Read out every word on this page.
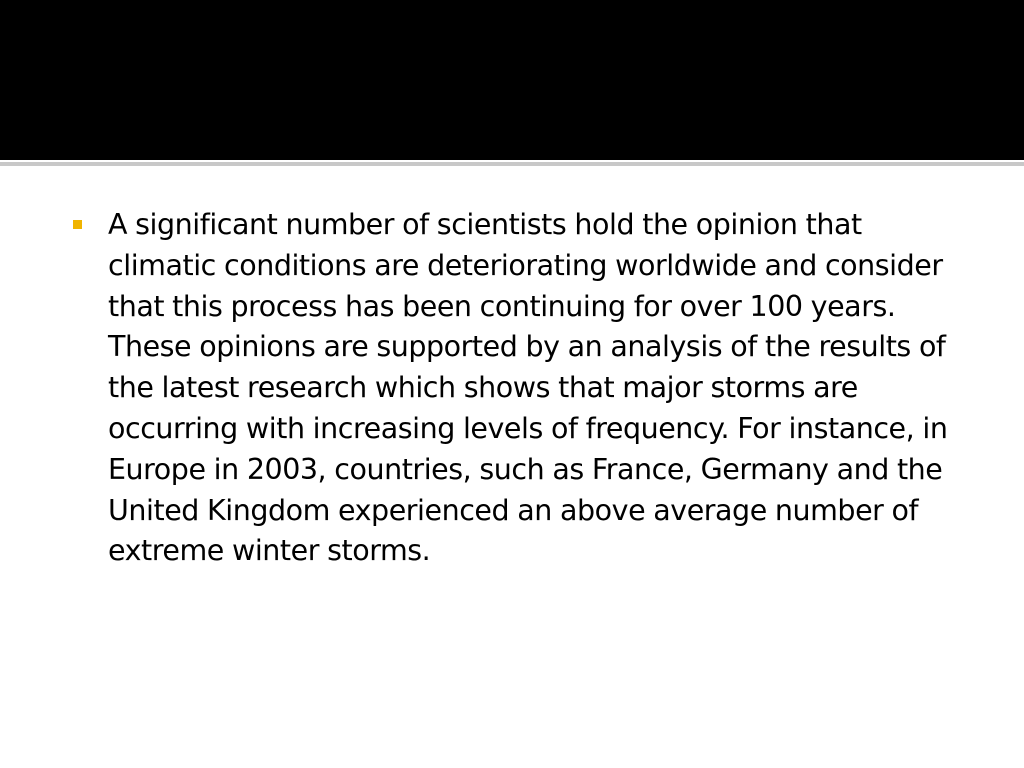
A significant number of scientists hold the opinion that climatic conditions are deteriorating worldwide and consider that this process has been continuing for over 100 years. These opinions are supported by an analysis of the results of the latest research which shows that major storms are occurring with increasing levels of frequency. For instance, in Europe in 2003, countries, such as France, Germany and the United Kingdom experienced an above average number of extreme winter storms.
